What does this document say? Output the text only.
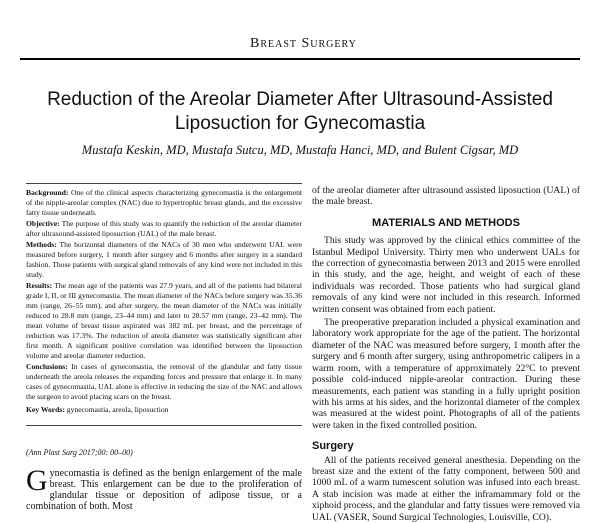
Breast Surgery
Reduction of the Areolar Diameter After Ultrasound-Assisted Liposuction for Gynecomastia
Mustafa Keskin, MD, Mustafa Sutcu, MD, Mustafa Hanci, MD, and Bulent Cigsar, MD

Background: One of the clinical aspects characterizing gynecomastia is the enlargement of the nipple-areolar complex (NAC) due to hypertrophic breast glands, and the excessive fatty tissue underneath.

Objective: The purpose of this study was to quantify the reduction of the areolar diameter after ultrasound-assisted liposuction (UAL) of the male breast.

Methods: The horizontal diameters of the NACs of 30 men who underwent UAL were measured before surgery, 1 month after surgery and 6 months after surgery in a standard fashion. Those patients with surgical gland removals of any kind were not included in this study.

Results: The mean age of the patients was 27.9 years, and all of the patients had bilateral grade I, II, or III gynecomastia. The mean diameter of the NACs before surgery was 35.36 mm (range, 26–55 mm), and after surgery, the mean diameter of the NACs was initially reduced to 28.8 mm (range, 23–44 mm) and later to 28.57 mm (range, 23–42 mm). The mean volume of breast tissue aspirated was 382 mL per breast, and the percentage of reduction was 17.3%. The reduction of areola diameter was statistically significant after first month. A significant positive correlation was identified between the liposuction volume and areolar diameter reduction.

Conclusions: In cases of gynecomastia, the removal of the glandular and fatty tissue underneath the areola releases the expanding forces and pressure that enlarge it. In many cases of gynecomastia, UAL alone is effective in reducing the size of the NAC and allows the surgeon to avoid placing scars on the breast.

Key Words: gynecomastia, areola, liposuction

(Ann Plast Surg 2017;00: 00–00)
Gynecomastia is defined as the benign enlargement of the male breast. This enlargement can be due to the proliferation of glandular tissue or deposition of adipose tissue, or a combination of both. Most

of the areolar diameter after ultrasound assisted liposuction (UAL) of the male breast.

MATERIALS AND METHODS

This study was approved by the clinical ethics committee of the Istanbul Medipol University. Thirty men who underwent UALs for the correction of gynecomastia between 2013 and 2015 were enrolled in this study, and the age, height, and weight of each of these individuals was recorded. Those patients who had surgical gland removals of any kind were not included in this research. Informed written consent was obtained from each patient.

The preoperative preparation included a physical examination and laboratory work appropriate for the age of the patient. The horizontal diameter of the NAC was measured before surgery, 1 month after the surgery and 6 month after surgery, using anthropometric calipers in a warm room, with a temperature of approximately 22°C to prevent possible cold-induced nipple-areolar contraction. During these measurements, each patient was standing in a fully upright position with his arms at his sides, and the horizontal diameter of the complex was measured at the widest point. Photographs of all of the patients were taken in the fixed controlled position.

Surgery

All of the patients received general anesthesia. Depending on the breast size and the extent of the fatty component, between 500 and 1000 mL of a warm tumescent solution was infused into each breast. A stab incision was made at either the inframammary fold or the xiphoid process, and the glandular and fatty tissues were removed via UAL (VASER, Sound Surgical Technologies, Louisville, CO).
